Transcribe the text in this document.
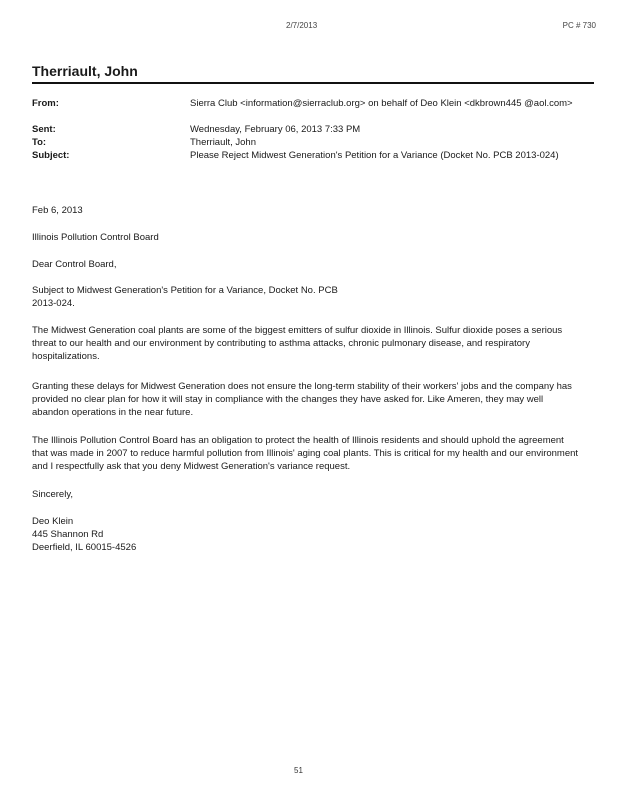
2/7/2013	PC # 730
Therriault, John
From:	Sierra Club <information@sierraclub.org> on behalf of Deo Klein <dkbrown445 @aol.com>
Sent:	Wednesday, February 06, 2013 7:33 PM
To:	Therriault, John
Subject:	Please Reject Midwest Generation's Petition for a Variance (Docket No. PCB 2013-024)
Feb 6, 2013
Illinois Pollution Control Board
Dear Control Board,
Subject to Midwest Generation's Petition for a Variance, Docket No. PCB 2013-024.
The Midwest Generation coal plants are some of the biggest emitters of sulfur dioxide in Illinois. Sulfur dioxide poses a serious threat to our health and our environment by contributing to asthma attacks, chronic pulmonary disease, and respiratory hospitalizations.
Granting these delays for Midwest Generation does not ensure the long-term stability of their workers' jobs and the company has provided no clear plan for how it will stay in compliance with the changes they have asked for. Like Ameren, they may well abandon operations in the near future.
The Illinois Pollution Control Board has an obligation to protect the health of Illinois residents and should uphold the agreement that was made in 2007 to reduce harmful pollution from Illinois' aging coal plants. This is critical for my health and our environment and I respectfully ask that you deny Midwest Generation's variance request.
Sincerely,
Deo Klein
445 Shannon Rd
Deerfield, IL 60015-4526
51
